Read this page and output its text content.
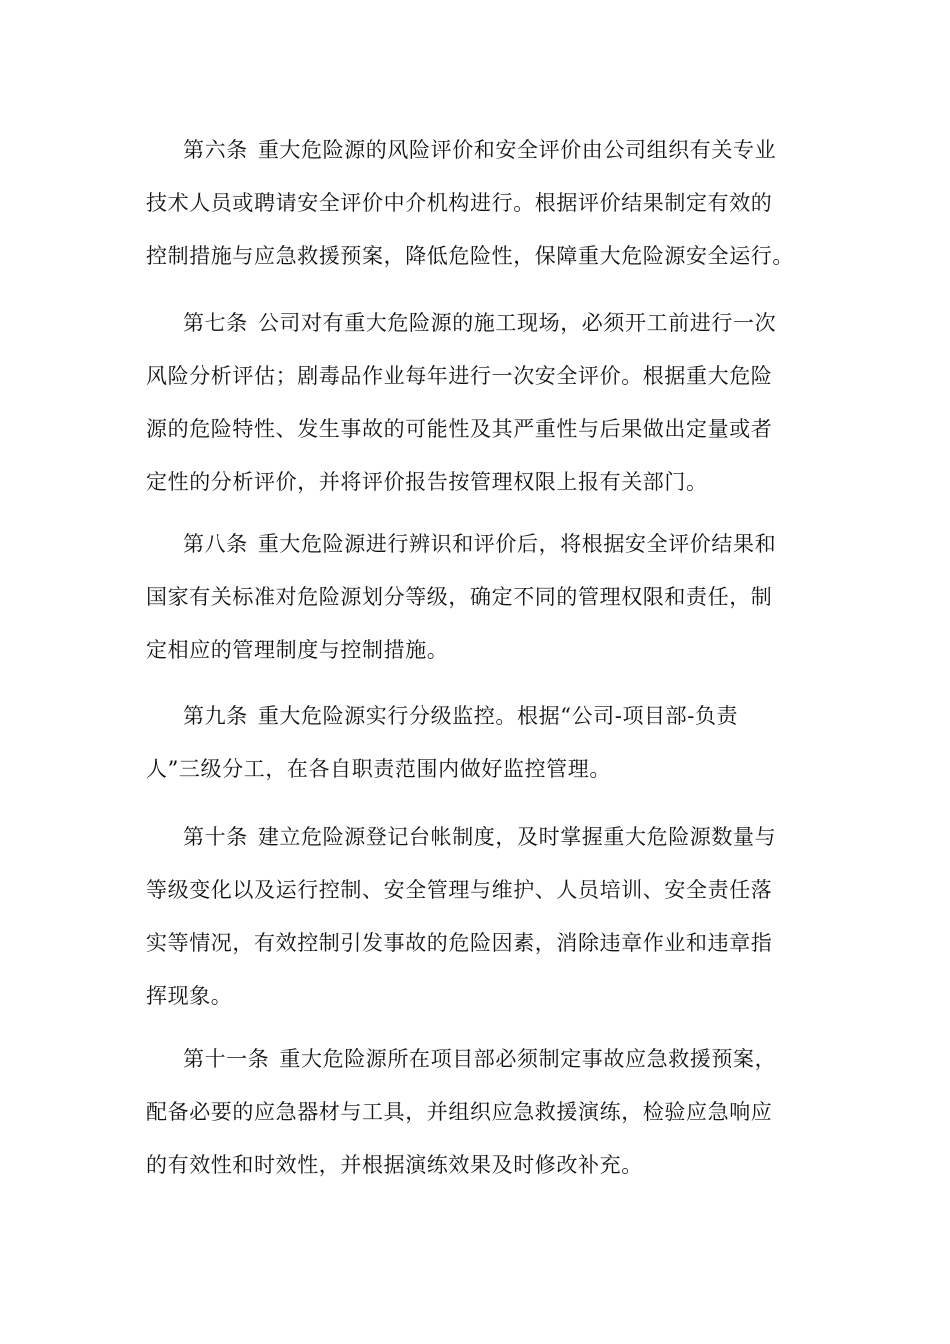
第六条 重大危险源的风险评价和安全评价由公司组织有关专业
技术人员或聘请安全评价中介机构进行。根据评价结果制定有效的
控制措施与应急救援预案，降低危险性，保障重大危险源安全运行。
第七条 公司对有重大危险源的施工现场，必须开工前进行一次
风险分析评估；剧毒品作业每年进行一次安全评价。根据重大危险
源的危险特性、发生事故的可能性及其严重性与后果做出定量或者
定性的分析评价，并将评价报告按管理权限上报有关部门。
第八条 重大危险源进行辨识和评价后，将根据安全评价结果和
国家有关标准对危险源划分等级，确定不同的管理权限和责任，制
定相应的管理制度与控制措施。
第九条 重大危险源实行分级监控。根据“公司-项目部-负责
人”三级分工，在各自职责范围内做好监控管理。
第十条 建立危险源登记台帐制度，及时掌握重大危险源数量与
等级变化以及运行控制、安全管理与维护、人员培训、安全责任落
实等情况，有效控制引发事故的危险因素，消除违章作业和违章指
挥现象。
第十一条 重大危险源所在项目部必须制定事故应急救援预案，
配备必要的应急器材与工具，并组织应急救援演练，检验应急响应
的有效性和时效性，并根据演练效果及时修改补充。
